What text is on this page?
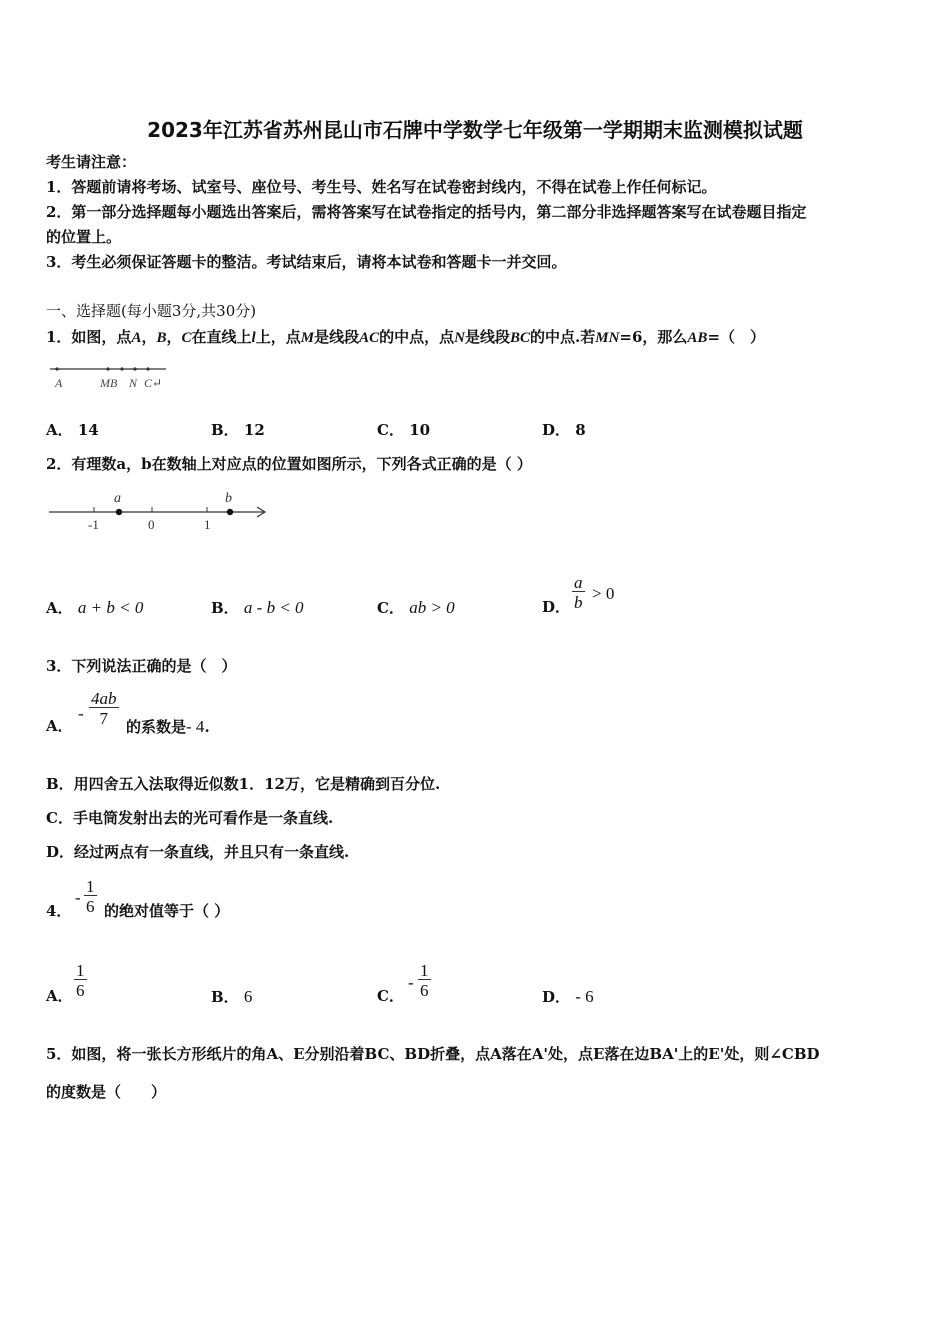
2023年江苏省苏州昆山市石牌中学数学七年级第一学期期末监测模拟试题
考生请注意：
1．答题前请将考场、试室号、座位号、考生号、姓名写在试卷密封线内，不得在试卷上作任何标记。
2．第一部分选择题每小题选出答案后，需将答案写在试卷指定的括号内，第二部分非选择题答案写在试卷题目指定
的位置上。
3．考生必须保证答题卡的整洁。考试结束后，请将本试卷和答题卡一并交回。
一、选择题(每小题3分,共30分)
1．如图，点A，B，C在直线上l上，点M是线段AC的中点，点N是线段BC的中点.若MN=6，那么AB=（　）
A	MB N C↵
A． 14	B． 12	C． 10	D． 8
2．有理数a，b在数轴上对应点的位置如图所示，下列各式正确的是（ ）
a	b
-1	0	1
A． a + b < 0	B． a - b < 0	C． ab > 0	D． $\frac{a}{b} > 0$
3．下列说法正确的是（　）
A．
- $\frac{4ab}{7}$ 的系数是- 4.
B．用四舍五入法取得近似数1．12万，它是精确到百分位.
C．手电筒发射出去的光可看作是一条直线.
D．经过两点有一条直线，并且只有一条直线.
4．
- $\frac{1}{6}$ 的绝对值等于（ ）
A． $\frac{1}{6}$	B． 6	C．
- $\frac{1}{6}$	D． - 6
5．如图，将一张长方形纸片的角A、E分别沿着BC、BD折叠，点A落在A'处，点E落在边BA'上的E'处，则∠CBD
的度数是（　　）
